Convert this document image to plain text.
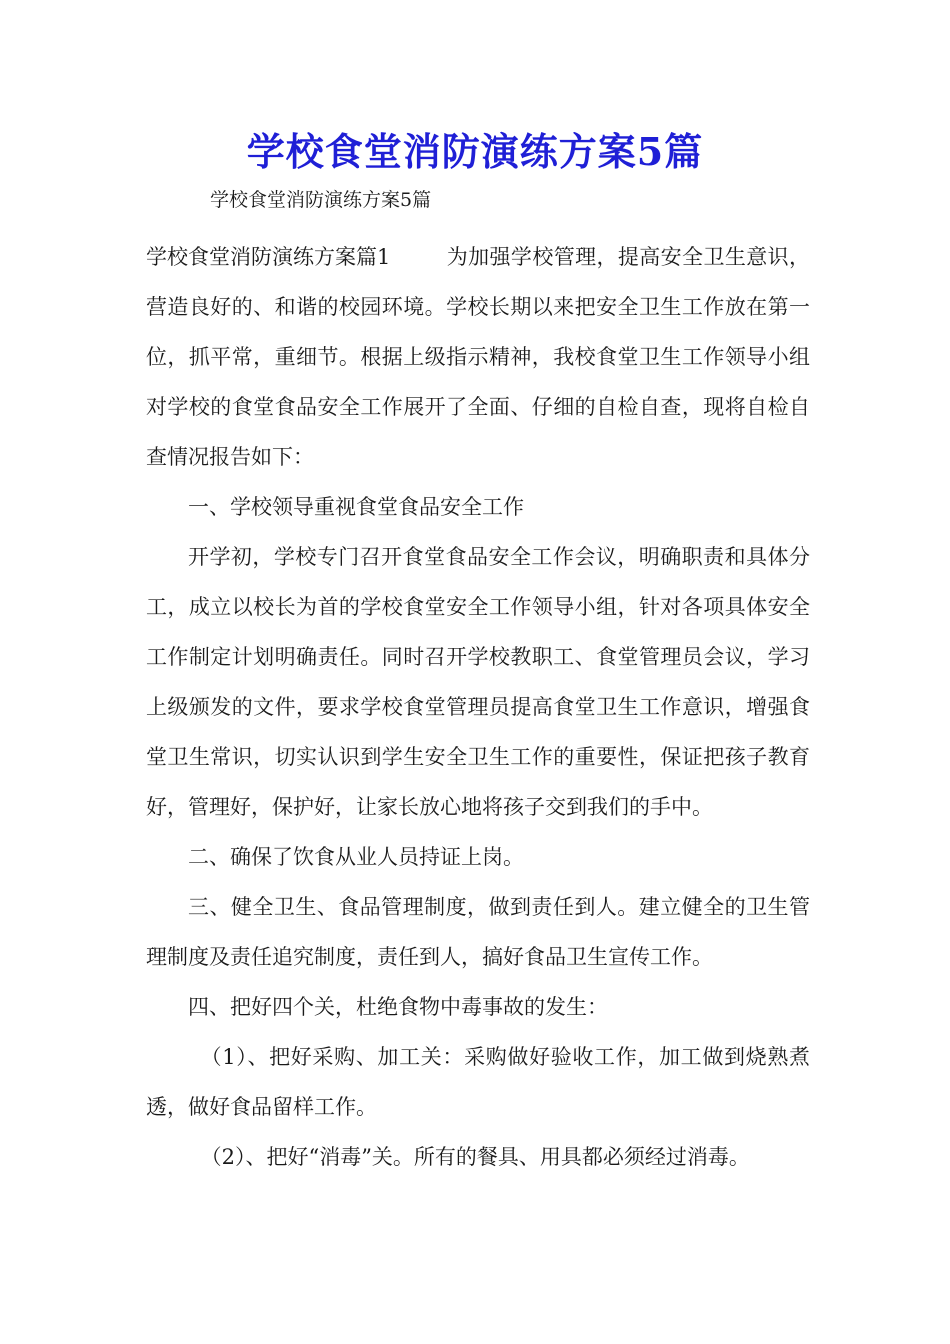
学校食堂消防演练方案5篇
学校食堂消防演练方案5篇

学校食堂消防演练方案篇1	为加强学校管理，提高安全卫生意识，营造良好的、和谐的校园环境。学校长期以来把安全卫生工作放在第一位，抓平常，重细节。根据上级指示精神，我校食堂卫生工作领导小组对学校的食堂食品安全工作展开了全面、仔细的自检自查，现将自检自查情况报告如下：

一、学校领导重视食堂食品安全工作

开学初，学校专门召开食堂食品安全工作会议，明确职责和具体分工，成立以校长为首的学校食堂安全工作领导小组，针对各项具体安全工作制定计划明确责任。同时召开学校教职工、食堂管理员会议，学习上级颁发的文件，要求学校食堂管理员提高食堂卫生工作意识，增强食堂卫生常识，切实认识到学生安全卫生工作的重要性，保证把孩子教育好，管理好，保护好，让家长放心地将孩子交到我们的手中。

二、确保了饮食从业人员持证上岗。

三、健全卫生、食品管理制度，做到责任到人。建立健全的卫生管理制度及责任追究制度，责任到人，搞好食品卫生宣传工作。

四、把好四个关，杜绝食物中毒事故的发生：

（1）、把好采购、加工关：采购做好验收工作，加工做到烧熟煮透，做好食品留样工作。

（2）、把好“消毒”关。所有的餐具、用具都必须经过消毒。
